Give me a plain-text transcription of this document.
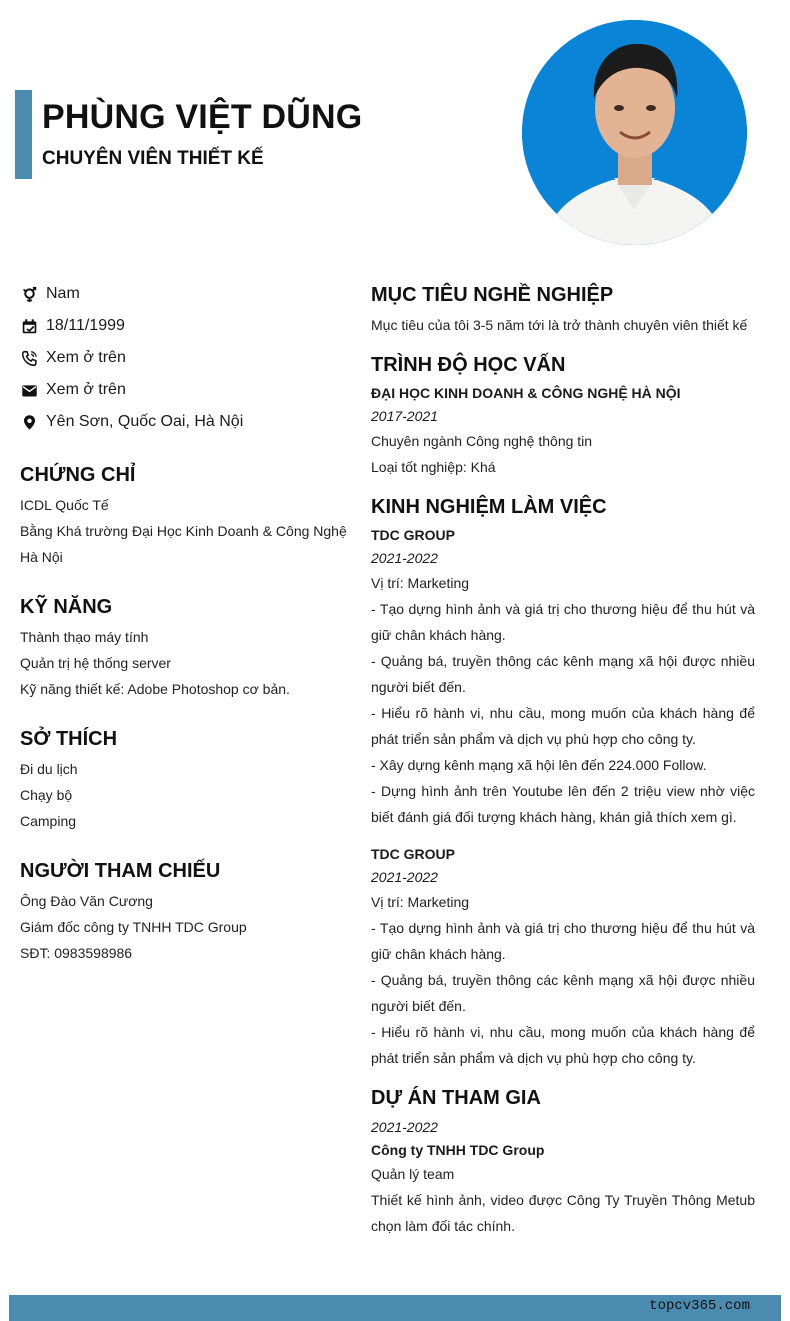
PHÙNG VIỆT DŨNG
CHUYÊN VIÊN THIẾT KẾ
Nam
18/11/1999
Xem ở trên
Xem ở trên
Yên Sơn, Quốc Oai, Hà Nội
CHỨNG CHỈ
ICDL Quốc Tế
Bằng Khá trường Đại Học Kinh Doanh & Công Nghệ Hà Nội
KỸ NĂNG
Thành thạo máy tính
Quản trị hệ thống server
Kỹ năng thiết kế: Adobe Photoshop cơ bản.
SỞ THÍCH
Đi du lịch
Chạy bộ
Camping
NGƯỜI THAM CHIẾU
Ông Đào Văn Cương
Giám đốc công ty TNHH TDC Group
SĐT: 0983598986
MỤC TIÊU NGHỀ NGHIỆP
Mục tiêu của tôi 3-5 năm tới là trở thành chuyên viên thiết kế
TRÌNH ĐỘ HỌC VẤN
ĐẠI HỌC KINH DOANH & CÔNG NGHỆ HÀ NỘI
2017-2021
Chuyên ngành Công nghệ thông tin
Loại tốt nghiệp: Khá
KINH NGHIỆM LÀM VIỆC
TDC GROUP
2021-2022
Vị trí: Marketing
- Tạo dựng hình ảnh và giá trị cho thương hiệu để thu hút và giữ chân khách hàng.
- Quảng bá, truyền thông các kênh mạng xã hội được nhiều người biết đến.
- Hiểu rõ hành vi, nhu cầu, mong muốn của khách hàng để phát triển sản phẩm và dịch vụ phù hợp cho công ty.
- Xây dựng kênh mạng xã hội lên đến 224.000 Follow.
- Dựng hình ảnh trên Youtube lên đến 2 triệu view nhờ việc biết đánh giá đối tượng khách hàng, khán giả thích xem gì.
TDC GROUP
2021-2022
Vị trí: Marketing
- Tạo dựng hình ảnh và giá trị cho thương hiệu để thu hút và giữ chân khách hàng.
- Quảng bá, truyền thông các kênh mạng xã hội được nhiều người biết đến.
- Hiểu rõ hành vi, nhu cầu, mong muốn của khách hàng để phát triển sản phẩm và dịch vụ phù hợp cho công ty.
DỰ ÁN THAM GIA
2021-2022
Công ty TNHH TDC Group
Quản lý team
Thiết kế hình ảnh, video được Công Ty Truyền Thông Metub chọn làm đối tác chính.
topcv365.com
